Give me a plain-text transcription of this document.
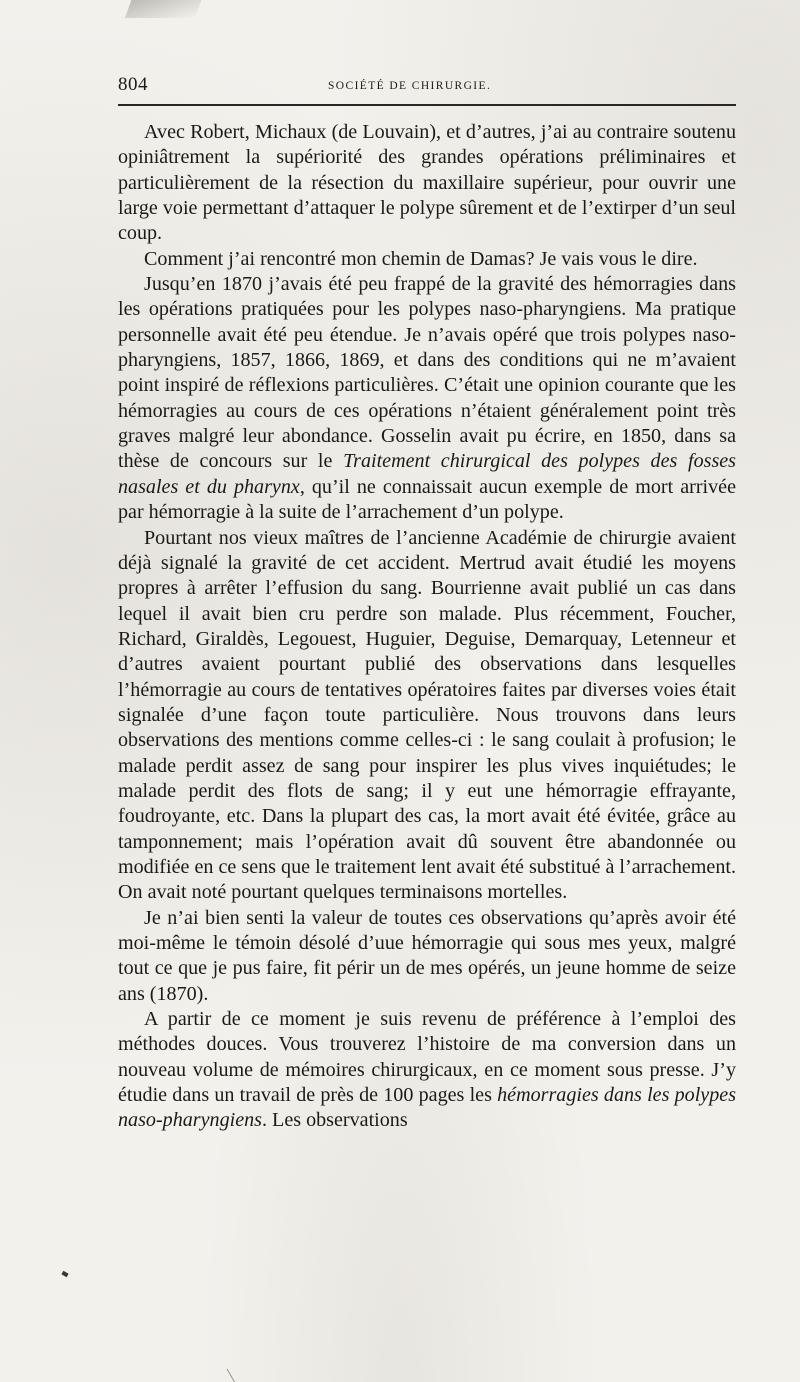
804	SOCIÉTÉ DE CHIRURGIE.

Avec Robert, Michaux (de Louvain), et d’autres, j’ai au contraire soutenu opiniâtrement la supériorité des grandes opérations préliminaires et particulièrement de la résection du maxillaire supérieur, pour ouvrir une large voie permettant d’attaquer le polype sûrement et de l’extirper d’un seul coup.

Comment j’ai rencontré mon chemin de Damas? Je vais vous le dire.

Jusqu’en 1870 j’avais été peu frappé de la gravité des hémorragies dans les opérations pratiquées pour les polypes naso-pharyngiens. Ma pratique personnelle avait été peu étendue. Je n’avais opéré que trois polypes naso-pharyngiens, 1857, 1866, 1869, et dans des conditions qui ne m’avaient point inspiré de réflexions particulières. C’était une opinion courante que les hémorragies au cours de ces opérations n’étaient généralement point très graves malgré leur abondance. Gosselin avait pu écrire, en 1850, dans sa thèse de concours sur le Traitement chirurgical des polypes des fosses nasales et du pharynx, qu’il ne connaissait aucun exemple de mort arrivée par hémorragie à la suite de l’arrachement d’un polype.

Pourtant nos vieux maîtres de l’ancienne Académie de chirurgie avaient déjà signalé la gravité de cet accident. Mertrud avait étudié les moyens propres à arrêter l’effusion du sang. Bourrienne avait publié un cas dans lequel il avait bien cru perdre son malade. Plus récemment, Foucher, Richard, Giraldès, Legouest, Huguier, Deguise, Demarquay, Letenneur et d’autres avaient pourtant publié des observations dans lesquelles l’hémorragie au cours de tentatives opératoires faites par diverses voies était signalée d’une façon toute particulière. Nous trouvons dans leurs observations des mentions comme celles-ci : le sang coulait à profusion; le malade perdit assez de sang pour inspirer les plus vives inquiétudes; le malade perdit des flots de sang; il y eut une hémorragie effrayante, foudroyante, etc. Dans la plupart des cas, la mort avait été évitée, grâce au tamponnement; mais l’opération avait dû souvent être abandonnée ou modifiée en ce sens que le traitement lent avait été substitué à l’arrachement. On avait noté pourtant quelques terminaisons mortelles.

Je n’ai bien senti la valeur de toutes ces observations qu’après avoir été moi-même le témoin désolé d’uue hémorragie qui sous mes yeux, malgré tout ce que je pus faire, fit périr un de mes opérés, un jeune homme de seize ans (1870).

A partir de ce moment je suis revenu de préférence à l’emploi des méthodes douces. Vous trouverez l’histoire de ma conversion dans un nouveau volume de mémoires chirurgicaux, en ce moment sous presse. J’y étudie dans un travail de près de 100 pages les hémorragies dans les polypes naso-pharyngiens. Les observations
